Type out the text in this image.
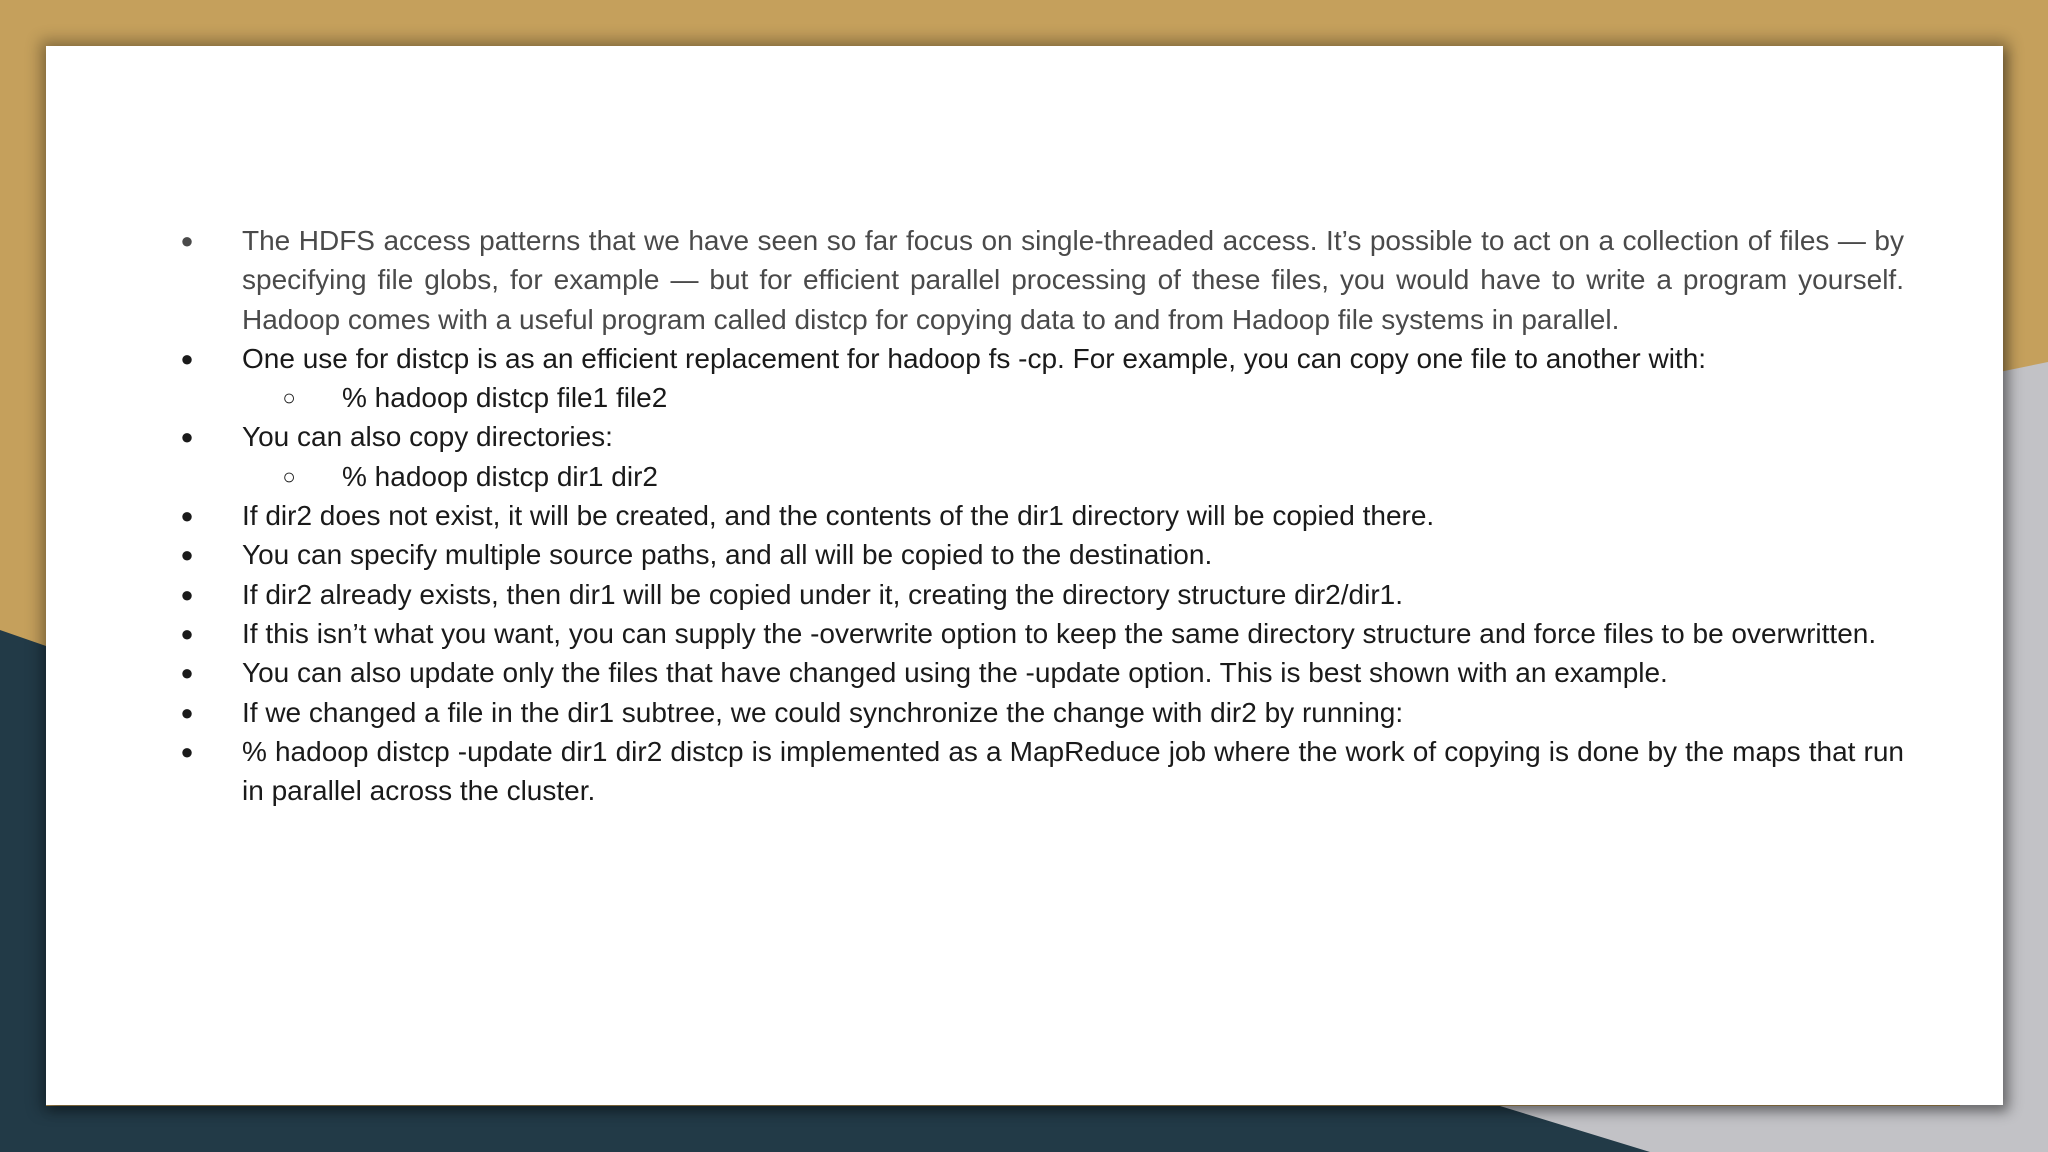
● The HDFS access patterns that we have seen so far focus on single-threaded access. It’s possible to act on a collection of files — by specifying file globs, for example — but for efficient parallel processing of these files, you would have to write a program yourself. Hadoop comes with a useful program called distcp for copying data to and from Hadoop file systems in parallel.
● One use for distcp is as an efficient replacement for hadoop fs -cp. For example, you can copy one file to another with:
○ % hadoop distcp file1 file2
● You can also copy directories:
○ % hadoop distcp dir1 dir2
● If dir2 does not exist, it will be created, and the contents of the dir1 directory will be copied there.
● You can specify multiple source paths, and all will be copied to the destination.
● If dir2 already exists, then dir1 will be copied under it, creating the directory structure dir2/dir1.
● If this isn’t what you want, you can supply the -overwrite option to keep the same directory structure and force files to be overwritten.
● You can also update only the files that have changed using the -update option. This is best shown with an example.
● If we changed a file in the dir1 subtree, we could synchronize the change with dir2 by running:
● % hadoop distcp -update dir1 dir2 distcp is implemented as a MapReduce job where the work of copying is done by the maps that run in parallel across the cluster.
